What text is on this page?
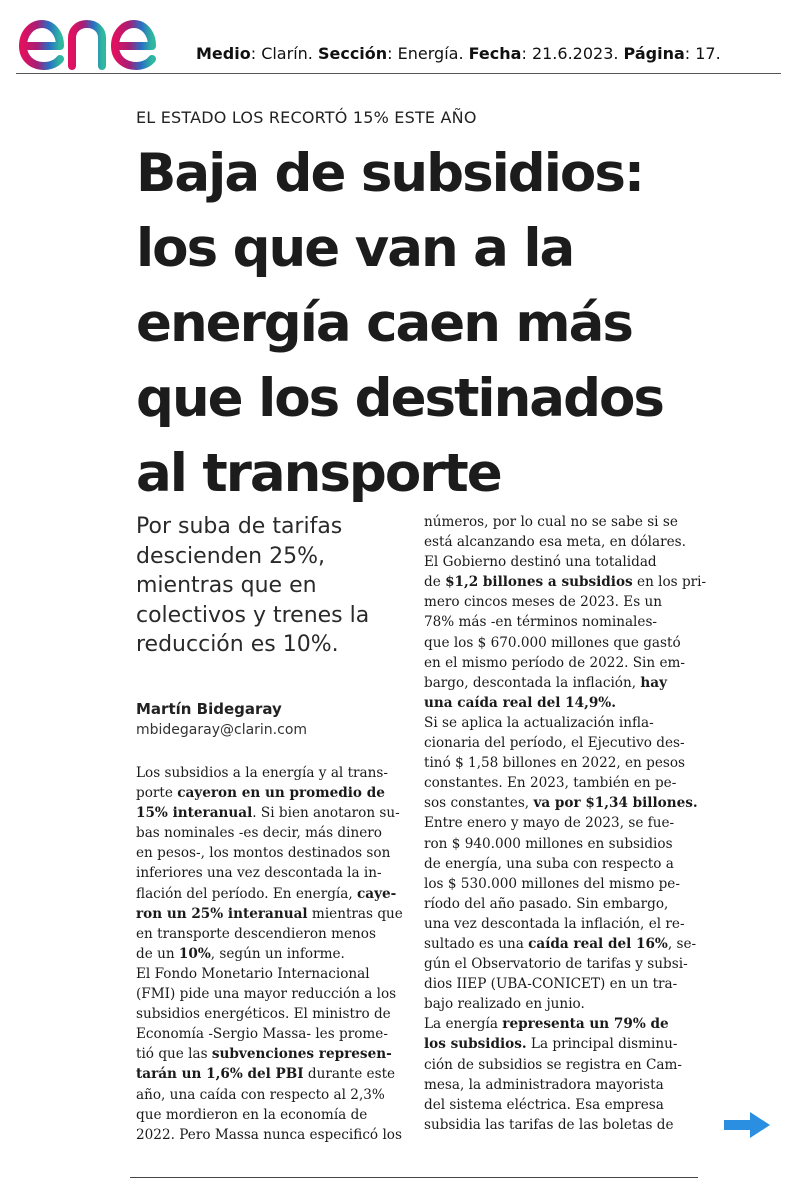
Medio: Clarín. Sección: Energía. Fecha: 21.6.2023. Página: 17.
EL ESTADO LOS RECORTÓ 15% ESTE AÑO
Baja de subsidios:
los que van a la
energía caen más
que los destinados
al transporte
Por suba de tarifas
descienden 25%,
mientras que en
colectivos y trenes la
reducción es 10%.
Martín Bidegaray
mbidegaray@clarin.com
Los subsidios a la energía y al trans-
porte cayeron en un promedio de
15% interanual. Si bien anotaron su-
bas nominales -es decir, más dinero
en pesos-, los montos destinados son
inferiores una vez descontada la in-
flación del período. En energía, caye-
ron un 25% interanual mientras que
en transporte descendieron menos
de un 10%, según un informe.
El Fondo Monetario Internacional
(FMI) pide una mayor reducción a los
subsidios energéticos. El ministro de
Economía -Sergio Massa- les prome-
tió que las subvenciones represen-
tarán un 1,6% del PBI durante este
año, una caída con respecto al 2,3%
que mordieron en la economía de
2022. Pero Massa nunca especificó los
números, por lo cual no se sabe si se
está alcanzando esa meta, en dólares.
El Gobierno destinó una totalidad
de $1,2 billones a subsidios en los pri-
mero cincos meses de 2023. Es un
78% más -en términos nominales-
que los $ 670.000 millones que gastó
en el mismo período de 2022. Sin em-
bargo, descontada la inflación, hay
una caída real del 14,9%.
Si se aplica la actualización infla-
cionaria del período, el Ejecutivo des-
tinó $ 1,58 billones en 2022, en pesos
constantes. En 2023, también en pe-
sos constantes, va por $1,34 billones.
Entre enero y mayo de 2023, se fue-
ron $ 940.000 millones en subsidios
de energía, una suba con respecto a
los $ 530.000 millones del mismo pe-
ríodo del año pasado. Sin embargo,
una vez descontada la inflación, el re-
sultado es una caída real del 16%, se-
gún el Observatorio de tarifas y subsi-
dios IIEP (UBA-CONICET) en un tra-
bajo realizado en junio.
La energía representa un 79% de
los subsidios. La principal disminu-
ción de subsidios se registra en Cam-
mesa, la administradora mayorista
del sistema eléctrica. Esa empresa
subsidia las tarifas de las boletas de
